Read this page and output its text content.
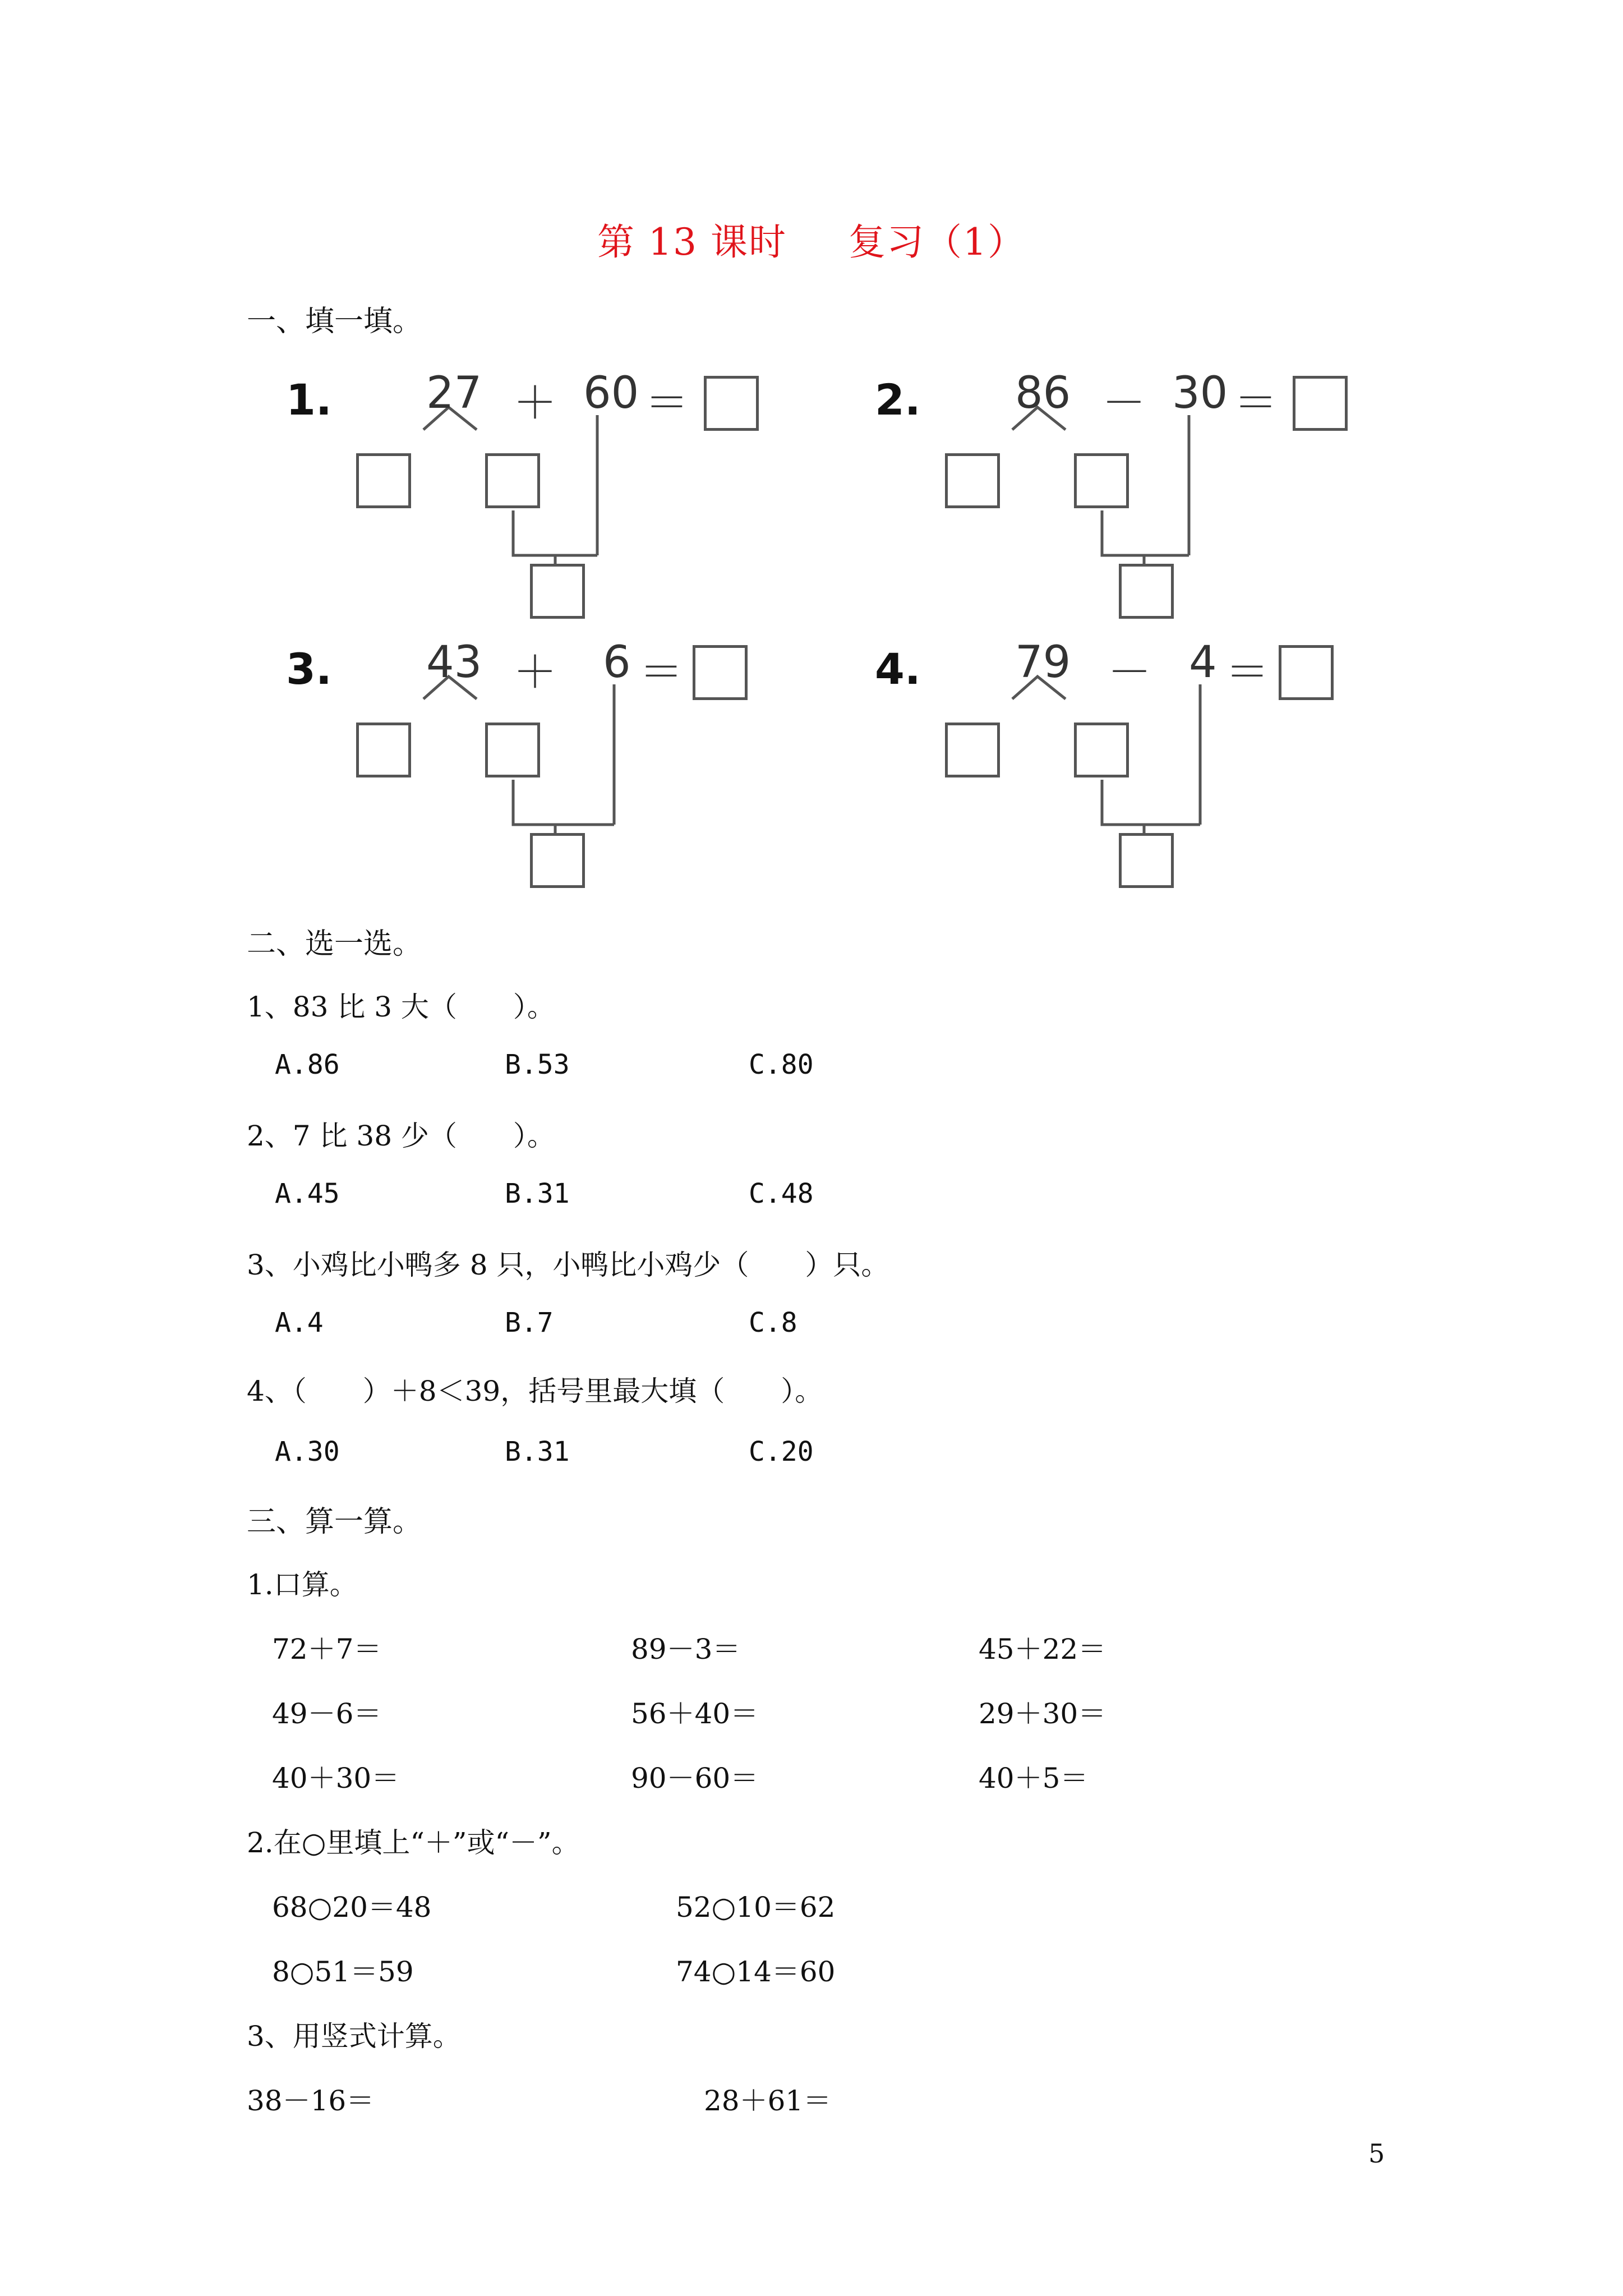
第 13 课时 复习（1）
一、填一填。
1. 27 ＋ 60 ＝	2. 86 － 30 ＝
3. 43 ＋ 6 ＝	4. 79 － 4 ＝
二、选一选。
1、83 比 3 大（　　）。
A.86	B.53	C.80
2、7 比 38 少（　　）。
A.45	B.31	C.48
3、小鸡比小鸭多 8 只，小鸭比小鸡少（　　）只。
A.4	B.7	C.8
4、（　　）＋8＜39，括号里最大填（　　）。
A.30	B.31	C.20
三、算一算。
1.口算。
72＋7＝	89－3＝	45＋22＝
49－6＝	56＋40＝	29＋30＝
40＋30＝	90－60＝	40＋5＝
2.在○里填上“＋”或“－”。
68○20＝48	52○10＝62
8○51＝59	74○14＝60
3、用竖式计算。
38－16＝	28＋61＝
5
